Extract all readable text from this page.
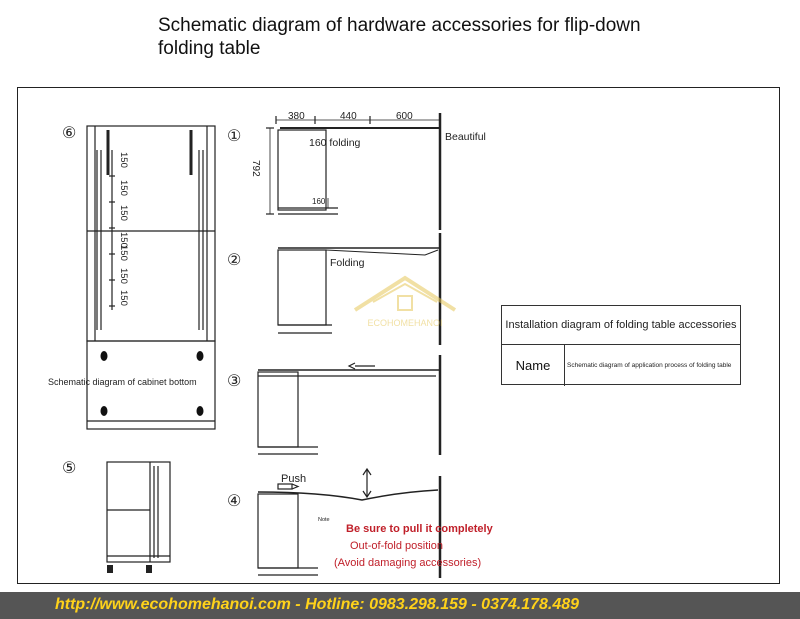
Schematic diagram of hardware accessories for flip-down folding table
150
150
150
150
150
150
150
Schematic diagram of cabinet bottom
⑥
⑤
①
②
③
④
380	440	600
792
160
160 folding	Beautiful
Folding
Push
Note
ECOHOMEHANOI
Be sure to pull it completely
Out-of-fold position
(Avoid damaging accessories)
Installation diagram of folding table accessories
Name	Schematic diagram of application process of folding table
http://www.ecohomehanoi.com - Hotline: 0983.298.159 - 0374.178.489
